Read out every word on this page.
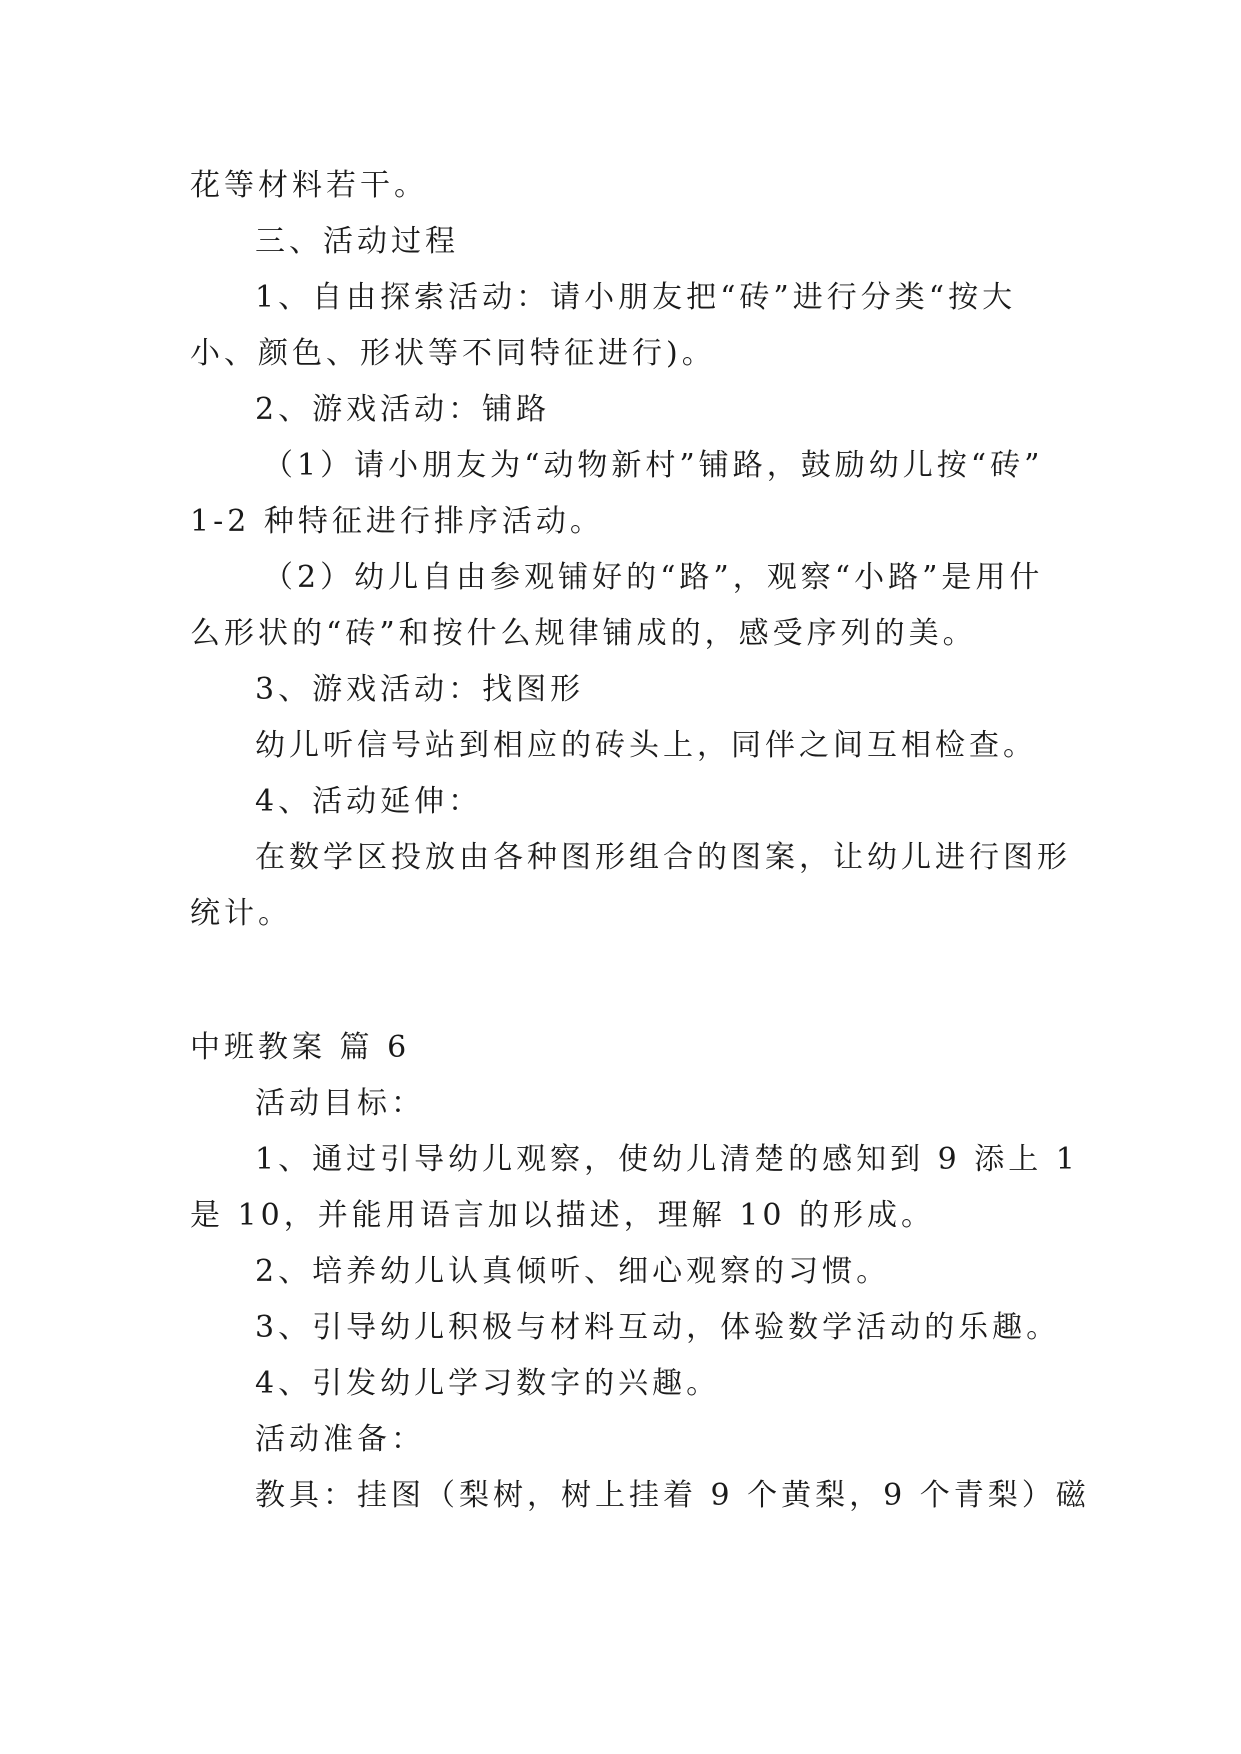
花等材料若干。
三、活动过程
1、自由探索活动：请小朋友把“砖”进行分类“按大
小、颜色、形状等不同特征进行)。
2、游戏活动：铺路
（1）请小朋友为“动物新村”铺路，鼓励幼儿按“砖”
1-2 种特征进行排序活动。
（2）幼儿自由参观铺好的“路”，观察“小路”是用什
么形状的“砖”和按什么规律铺成的，感受序列的美。
3、游戏活动：找图形
幼儿听信号站到相应的砖头上，同伴之间互相检查。
4、活动延伸：
在数学区投放由各种图形组合的图案，让幼儿进行图形
统计。
中班教案 篇 6
活动目标：
1、通过引导幼儿观察，使幼儿清楚的感知到 9 添上 1
是 10，并能用语言加以描述，理解 10 的形成。
2、培养幼儿认真倾听、细心观察的习惯。
3、引导幼儿积极与材料互动，体验数学活动的乐趣。
4、引发幼儿学习数字的兴趣。
活动准备：
教具：挂图（梨树，树上挂着 9 个黄梨，9 个青梨）磁
